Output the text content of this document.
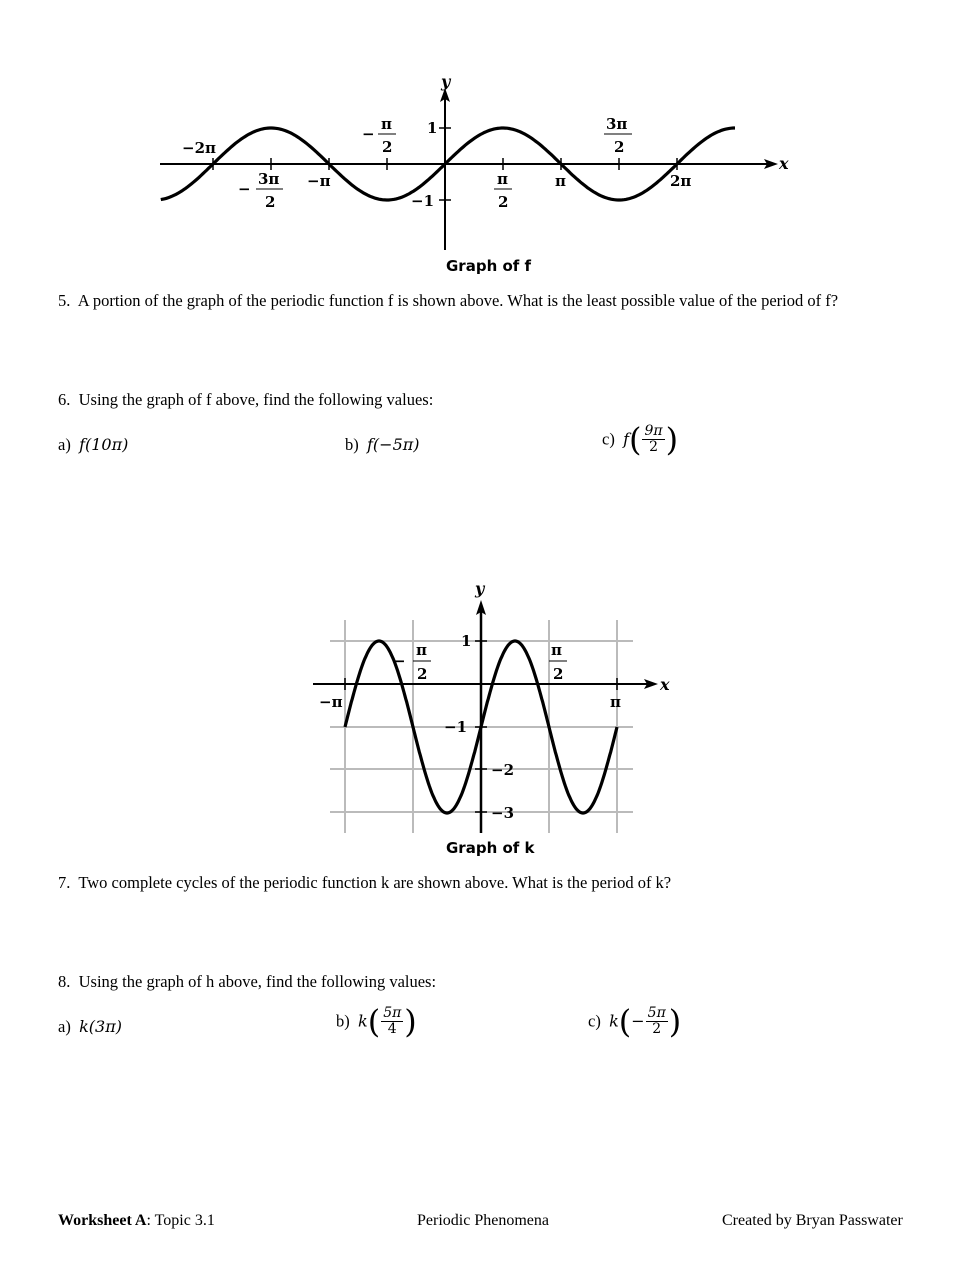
y
x
1
−1
−2π
−π	π	2π
−
3π
2
−
π
2
π
2
3π
2
Graph of f
5. A portion of the graph of the periodic function f is shown above. What is the least possible value of the period of f?
6. Using the graph of f above, find the following values:
a) f(10π)	b) f(−5π)	c) $f( \frac{9\pi}{2}$ )
y
x
1
−1
−2
−3
−π	π
−
π
2
π
2
Graph of k
7. Two complete cycles of the periodic function k are shown above. What is the period of k?
8. Using the graph of h above, find the following values:
a) k(3π)	b) $k( \frac{5\pi}{4}$ )	c) $k(- \frac{5\pi}{2}$ )
Worksheet A: Topic 3.1	Periodic Phenomena	Created by Bryan Passwater
